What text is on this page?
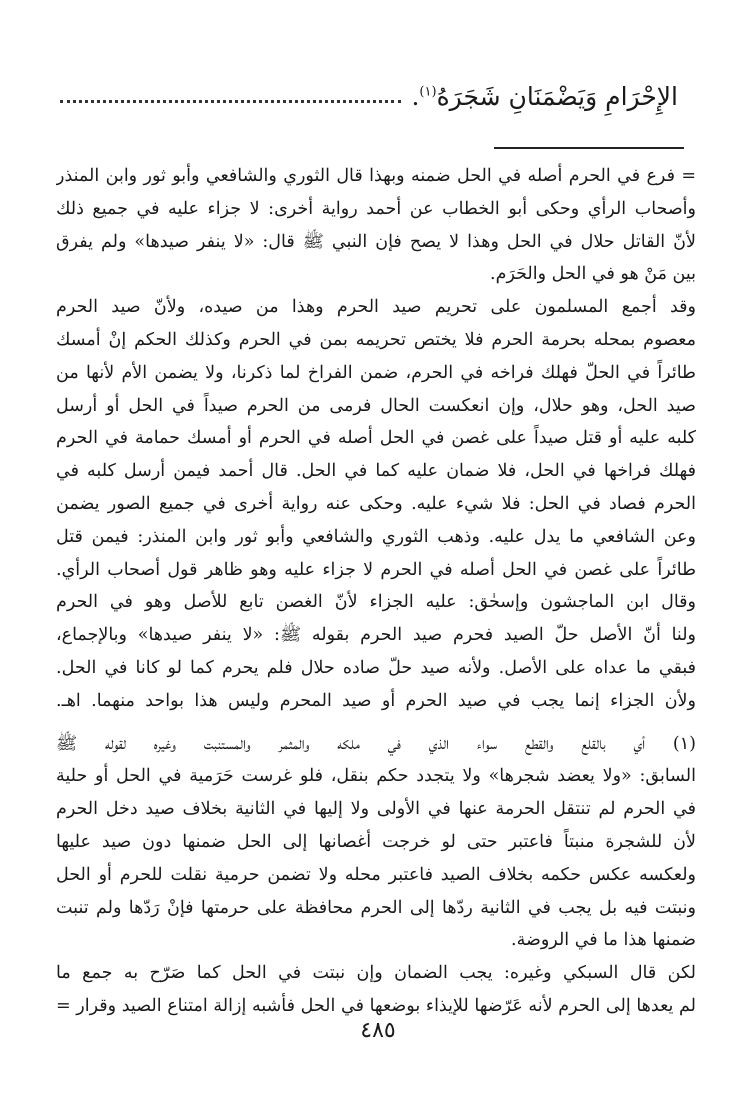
الإِحْرَامِ وَيَضْمَنَانِ شَجَرَهُ$^{(١)}$.
= فرع في الحرم أصله في الحل ضمنه وبهذا قال الثوري والشافعي وأبو ثور وابن المنذر
وأصحاب الرأي وحكى أبو الخطاب عن أحمد رواية أخرى: لا جزاء عليه في جميع ذلك
لأنّ القاتل حلال في الحل وهذا لا يصح فإن النبي ﷺ قال: «لا ينفر صيدها» ولم يفرق
بين مَنْ هو في الحل والحَرَم.
وقد أجمع المسلمون على تحريم صيد الحرم وهذا من صيده، ولأنّ صيد الحرم
معصوم بمحله بحرمة الحرم فلا يختص تحريمه بمن في الحرم وكذلك الحكم إنْ أمسك
طائراً في الحلّ فهلك فراخه في الحرم، ضمن الفراخ لما ذكرنا، ولا يضمن الأم لأنها من
صيد الحل، وهو حلال، وإن انعكست الحال فرمى من الحرم صيداً في الحل أو أرسل
كلبه عليه أو قتل صيداً على غصن في الحل أصله في الحرم أو أمسك حمامة في الحرم
فهلك فراخها في الحل، فلا ضمان عليه كما في الحل. قال أحمد فيمن أرسل كلبه في
الحرم فصاد في الحل: فلا شيء عليه. وحكى عنه رواية أخرى في جميع الصور يضمن
وعن الشافعي ما يدل عليه. وذهب الثوري والشافعي وأبو ثور وابن المنذر: فيمن قتل
طائراً على غصن في الحل أصله في الحرم لا جزاء عليه وهو ظاهر قول أصحاب الرأي.
وقال ابن الماجشون وإسحٰق: عليه الجزاء لأنّ الغصن تابع للأصل وهو في الحرم
ولنا أنّ الأصل حلّ الصيد فحرم صيد الحرم بقوله ﷺ: «لا ينفر صيدها» وبالإجماع،
فبقي ما عداه على الأصل. ولأنه صيد حلّ صاده حلال فلم يحرم كما لو كانا في الحل.
ولأن الجزاء إنما يجب في صيد الحرم أو صيد المحرم وليس هذا بواحد منهما. اهـ.
(١) أي بالقلع والقطع سواء الذي في ملكه والمثمر والمستنبت وغيره لقوله ﷺ
السابق: «ولا يعضد شجرها» ولا يتجدد حكم بنقل، فلو غرست حَرَمية في الحل أو حلية
في الحرم لم تنتقل الحرمة عنها في الأولى ولا إليها في الثانية بخلاف صيد دخل الحرم
لأن للشجرة منبتاً فاعتبر حتى لو خرجت أغصانها إلى الحل ضمنها دون صيد عليها
ولعكسه عكس حكمه بخلاف الصيد فاعتبر محله ولا تضمن حرمية نقلت للحرم أو الحل
ونبتت فيه بل يجب في الثانية ردّها إلى الحرم محافظة على حرمتها فإنْ رَدّها ولم تنبت
ضمنها هذا ما في الروضة.
لكن قال السبكي وغيره: يجب الضمان وإن نبتت في الحل كما صَرّح به جمع ما
لم يعدها إلى الحرم لأنه عَرّضها للإيذاء بوضعها في الحل فأشبه إزالة امتناع الصيد وقرار =
٤٨٥
